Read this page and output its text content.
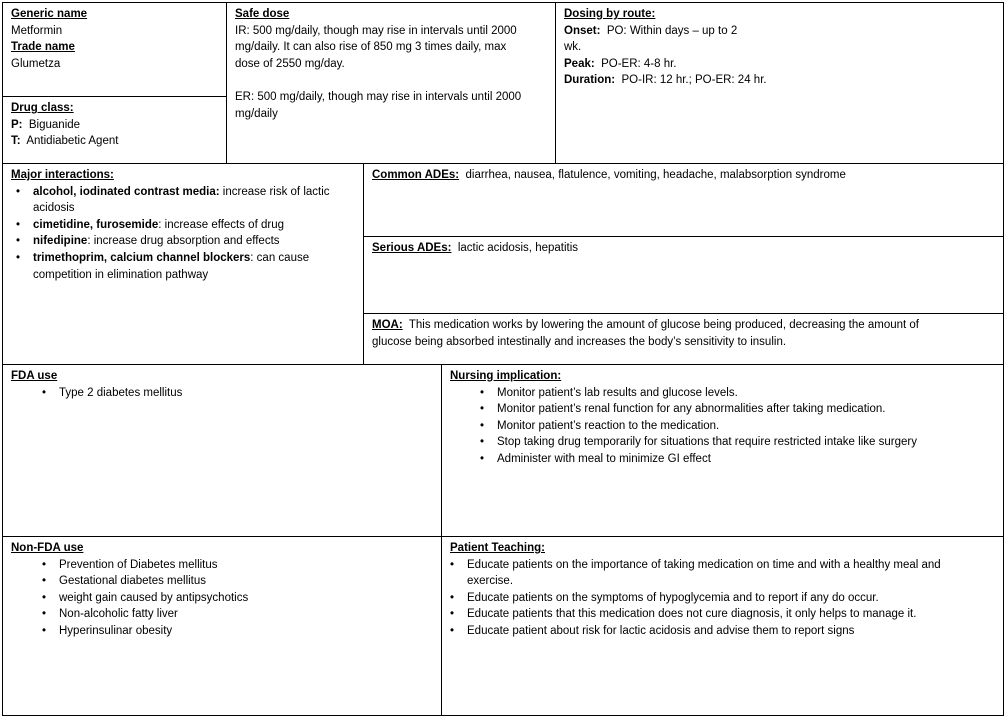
Generic name
Metformin
Trade name
Glumetza
Drug class:
P: Biguanide
T: Antidiabetic Agent
Safe dose
IR: 500 mg/daily, though may rise in intervals until 2000
mg/daily. It can also rise of 850 mg 3 times daily, max
dose of 2550 mg/day.
ER: 500 mg/daily, though may rise in intervals until 2000
mg/daily
Dosing by route:
Onset: PO: Within days – up to 2
wk.
Peak: PO-ER: 4-8 hr.
Duration: PO-IR: 12 hr.; PO-ER: 24 hr.
Major interactions:
• alcohol, iodinated contrast media: increase risk of lactic
acidosis
• cimetidine, furosemide: increase effects of drug
• nifedipine: increase drug absorption and effects
• trimethoprim, calcium channel blockers: can cause
competition in elimination pathway
Common ADEs: diarrhea, nausea, flatulence, vomiting, headache, malabsorption syndrome
Serious ADEs: lactic acidosis, hepatitis
MOA: This medication works by lowering the amount of glucose being produced, decreasing the amount of
glucose being absorbed intestinally and increases the body’s sensitivity to insulin.
FDA use
• Type 2 diabetes mellitus
Nursing implication:
• Monitor patient’s lab results and glucose levels.
• Monitor patient’s renal function for any abnormalities after taking medication.
• Monitor patient’s reaction to the medication.
• Stop taking drug temporarily for situations that require restricted intake like surgery
• Administer with meal to minimize GI effect
Non-FDA use
• Prevention of Diabetes mellitus
• Gestational diabetes mellitus
• weight gain caused by antipsychotics
• Non-alcoholic fatty liver
• Hyperinsulinar obesity
Patient Teaching:
• Educate patients on the importance of taking medication on time and with a healthy meal and
exercise.
• Educate patients on the symptoms of hypoglycemia and to report if any do occur.
• Educate patients that this medication does not cure diagnosis, it only helps to manage it.
• Educate patient about risk for lactic acidosis and advise them to report signs
